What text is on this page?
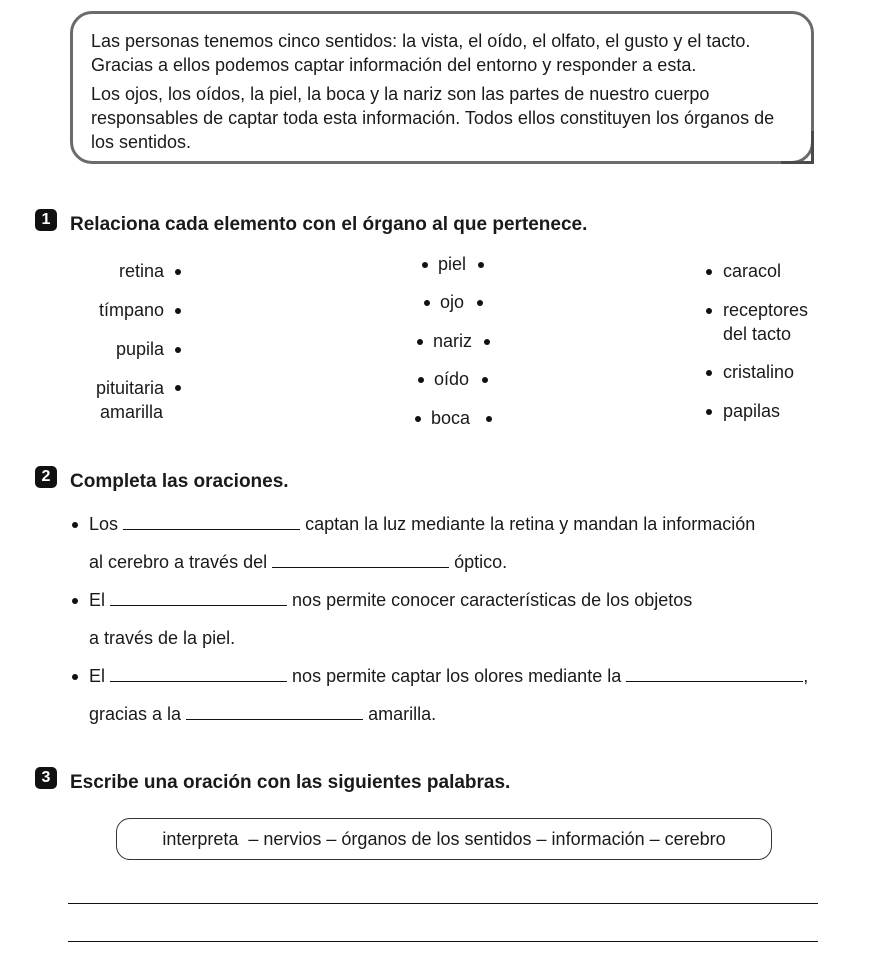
Las personas tenemos cinco sentidos: la vista, el oído, el olfato, el gusto y el tacto. Gracias a ellos podemos captar información del entorno y responder a esta.
Los ojos, los oídos, la piel, la boca y la nariz son las partes de nuestro cuerpo responsables de captar toda esta información. Todos ellos constituyen los órganos de los sentidos.
1	Relaciona cada elemento con el órgano al que pertenece.
retina
tímpano
pupila
pituitaria
amarilla
piel
ojo
nariz
oído
boca
caracol
receptores
del tacto
cristalino
papilas
2	Completa las oraciones.
Los	captan la luz mediante la retina y mandan la información
al cerebro a través del	óptico.
El	nos permite conocer características de los objetos
a través de la piel.
El	nos permite captar los olores mediante la	,
gracias a la	amarilla.
3	Escribe una oración con las siguientes palabras.
interpreta  – nervios – órganos de los sentidos – información – cerebro
